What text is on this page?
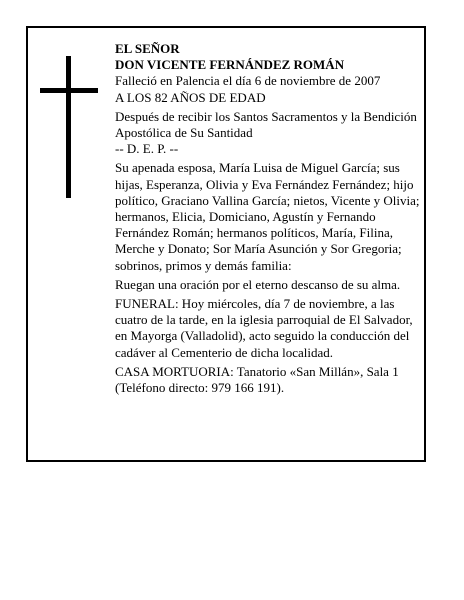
EL SEÑOR

DON VICENTE FERNÁNDEZ ROMÁN

Falleció en Palencia el día 6 de noviembre de 2007

A LOS 82 AÑOS DE EDAD

Después de recibir los Santos Sacramentos y la Bendición Apostólica de Su Santidad

-- D. E. P. --

Su apenada esposa, María Luisa de Miguel García; sus hijas, Esperanza, Olivia y Eva Fernández Fernández; hijo político, Graciano Vallina García; nietos, Vicente y Olivia; hermanos, Elicia, Domiciano, Agustín y Fernando Fernández Román; hermanos políticos, María, Filina, Merche y Donato; Sor María Asunción y Sor Gregoria; sobrinos, primos y demás familia:

Ruegan una oración por el eterno descanso de su alma.

FUNERAL: Hoy miércoles, día 7 de noviembre, a las cuatro de la tarde, en la iglesia parroquial de El Salvador, en Mayorga (Valladolid), acto seguido la conducción del cadáver al Cementerio de dicha localidad.

CASA MORTUORIA: Tanatorio «San Millán», Sala 1 (Teléfono directo: 979 166 191).
